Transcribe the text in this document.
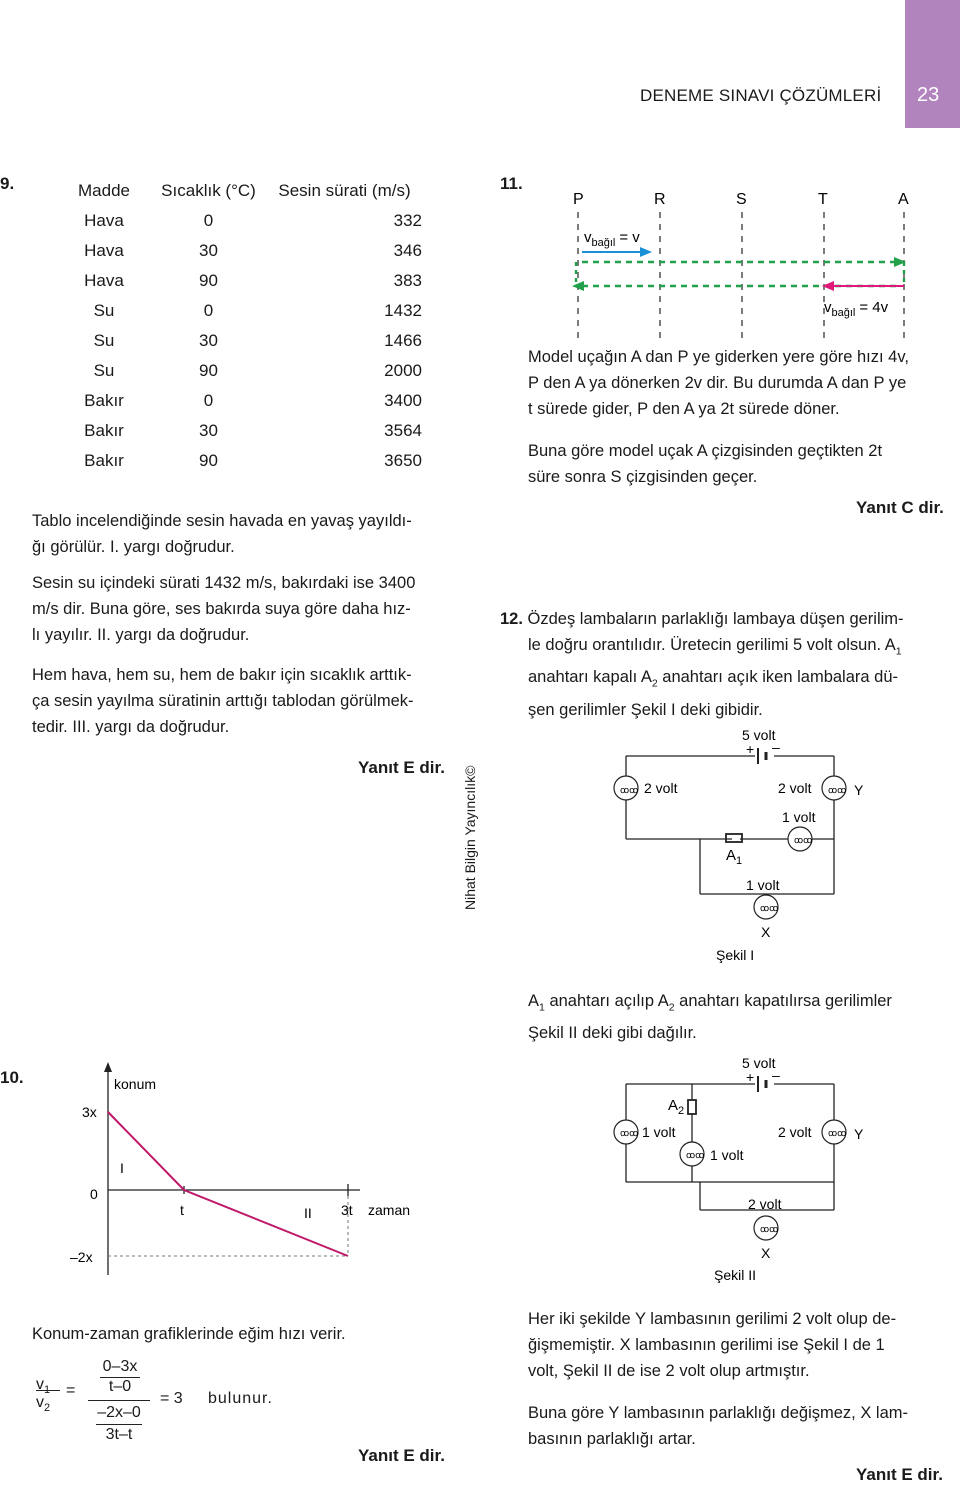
DENEME SINAVI ÇÖZÜMLERİ 23
9.	Madde	Sıcaklık (°C)	Sesin sürati (m/s)
Hava	0	332
Hava	30	346
Hava	90	383
Su	0	1432
Su	30	1466
Su	90	2000
Bakır	0	3400
Bakır	30	3564
Bakır	90	3650
Tablo incelendiğinde sesin havada en yavaş yayıldı-
ğı görülür. I. yargı doğrudur.
Sesin su içindeki sürati 1432 m/s, bakırdaki ise 3400
m/s dir. Buna göre, ses bakırda suya göre daha hız-
lı yayılır. II. yargı da doğrudur.
Hem hava, hem su, hem de bakır için sıcaklık arttık-
ça sesin yayılma süratinin arttığı tablodan görülmek-
tedir. III. yargı da doğrudur.
Yanıt E dir. Nihat Bilgin Yayıncılık©
10.	konum
3x
0
–2x
t	3t zaman
I
II
Konum-zaman grafiklerinde eğim hızı verir.
$v_1$
$v_2$
=
0–3x
t–0
–2x–0
3t–t
= 3 bulunur.
Yanıt E dir.
11.
P	R	S	T	A
$v_{bağıl} = v$
$v_{bağıl} = 4v$
Model uçağın A dan P ye giderken yere göre hızı 4v,
P den A ya dönerken 2v dir. Bu durumda A dan P ye
t sürede gider, P den A ya 2t sürede döner.
Buna göre model uçak A çizgisinden geçtikten 2t
süre sonra S çizgisinden geçer.
Yanıt C dir.
12. Özdeş lambaların parlaklığı lambaya düşen gerilim-
le doğru orantılıdır. Üretecin gerilimi 5 volt olsun. $A_1$
anahtarı kapalı $A_2$ anahtarı açık iken lambalara dü-
şen gerilimler Şekil I deki gibidir.
5 volt
+ –
ꝏꝏ 2 volt	ꝏꝏ
2 volt	Y
ꝏꝏ
1 volt
$A_1$
ꝏꝏ
1 volt
X
Şekil I
$A_1$ anahtarı açılıp $A_2$ anahtarı kapatılırsa gerilimler
Şekil II deki gibi dağılır.
5 volt
+ –
$A_2$
ꝏꝏ 1 volt
ꝏꝏ 1 volt
ꝏꝏ
2 volt	Y
ꝏꝏ
2 volt
X
Şekil II
Her iki şekilde Y lambasının gerilimi 2 volt olup de-
ğişmemiştir. X lambasının gerilimi ise Şekil I de 1
volt, Şekil II de ise 2 volt olup artmıştır.
Buna göre Y lambasının parlaklığı değişmez, X lam-
basının parlaklığı artar.
Yanıt E dir.
